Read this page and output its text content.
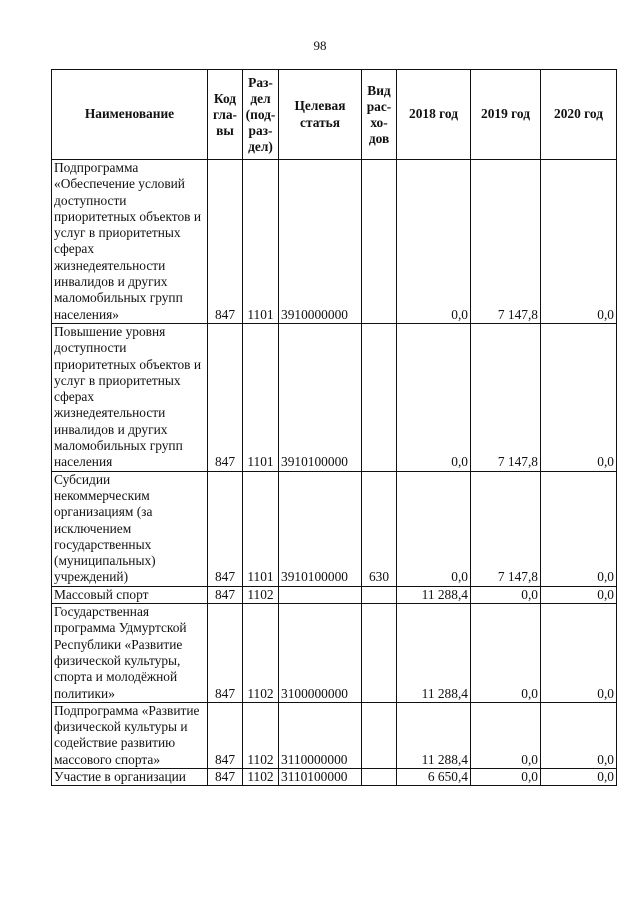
98
Наименование	Код гла- вы	Раз- дел (под- раз- дел)	Целевая статья	Вид рас- хо- дов	2018 год	2019 год	2020 год
Подпрограмма «Обеспечение условий доступности приоритетных объектов и услуг в приоритетных сферах жизнедеятельности инвалидов и других маломобильных групп населения»	847	1101	3910000000		0,0	7 147,8	0,0
Повышение уровня доступности приоритетных объектов и услуг в приоритетных сферах жизнедеятельности инвалидов и других маломобильных групп населения	847	1101	3910100000		0,0	7 147,8	0,0
Субсидии некоммерческим организациям (за исключением государственных (муниципальных) учреждений)	847	1101	3910100000	630	0,0	7 147,8	0,0
Массовый спорт	847	1102			11 288,4	0,0	0,0
Государственная программа Удмуртской Республики «Развитие физической культуры, спорта и молодёжной политики»	847	1102	3100000000		11 288,4	0,0	0,0
Подпрограмма «Развитие физической культуры и содействие развитию массового спорта»	847	1102	3110000000		11 288,4	0,0	0,0
Участие в организации	847	1102	3110100000		6 650,4	0,0	0,0
